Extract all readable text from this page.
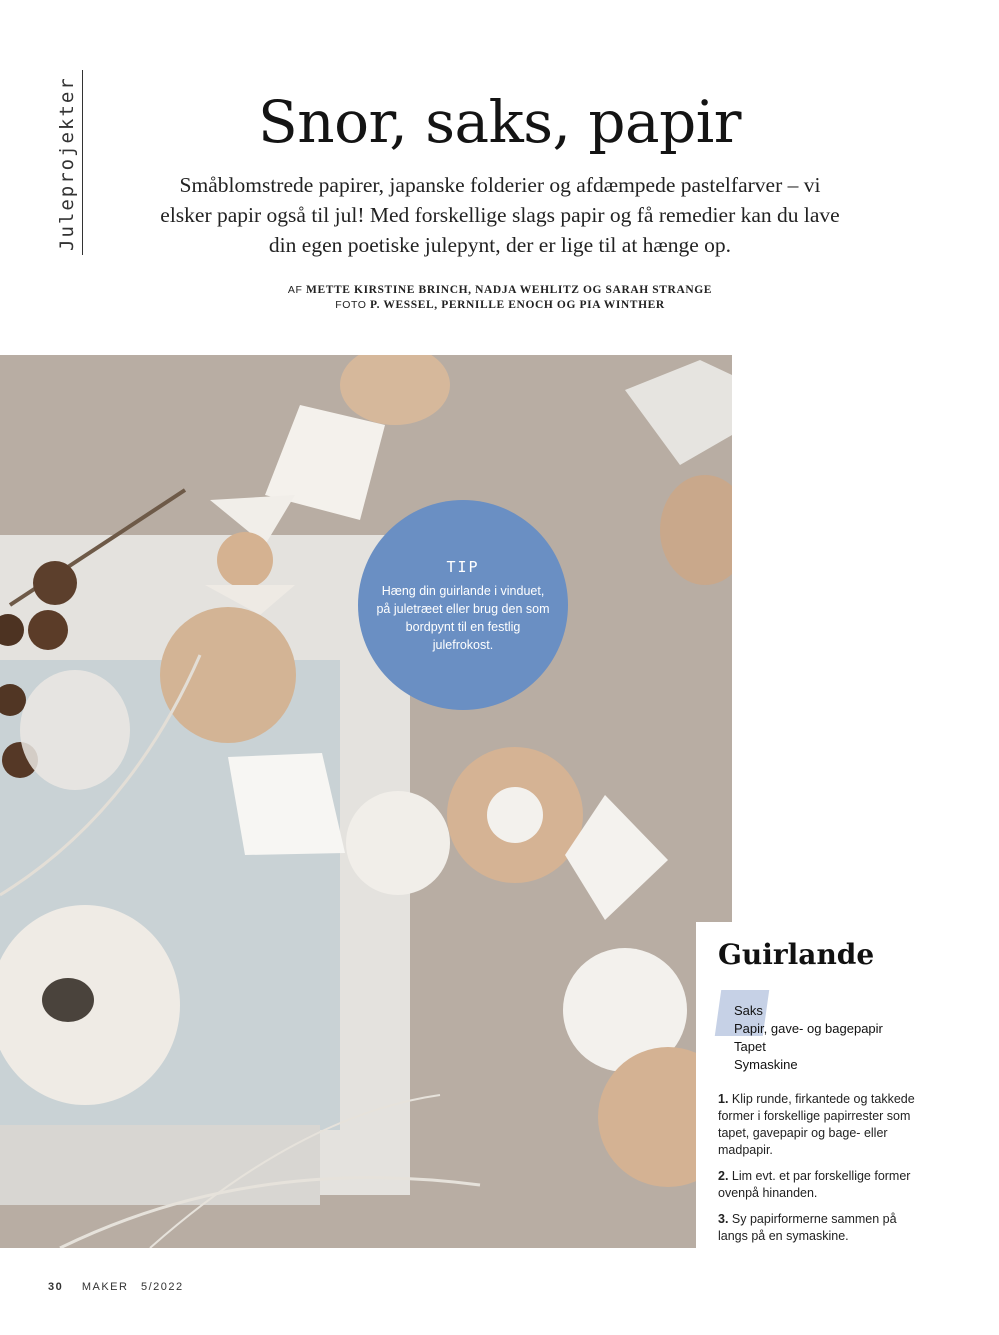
Juleprojekter	Snor, saks, papir

Småblomstrede papirer, japanske folderier og afdæmpede pastelfarver – vi elsker papir også til jul! Med forskellige slags papir og få remedier kan du lave din egen poetiske julepynt, der er lige til at hænge op.

AF METTE KIRSTINE BRINCH, NADJA WEHLITZ OG SARAH STRANGE FOTO P. WESSEL, PERNILLE ENOCH OG PIA WINTHER

TIP
Hæng din guirlande i vinduet, på juletræet eller brug den som bordpynt til en festlig julefrokost.
Guirlande
Saks
Papir, gave- og bagepapir
Tapet
Symaskine
1. Klip runde, firkantede og takkede former i forskellige papirrester som tapet, gavepapir og bage- eller madpapir.
2. Lim evt. et par forskellige former ovenpå hinanden.
3. Sy papirformerne sammen på langs på en symaskine.
30 MAKER 5/2022
